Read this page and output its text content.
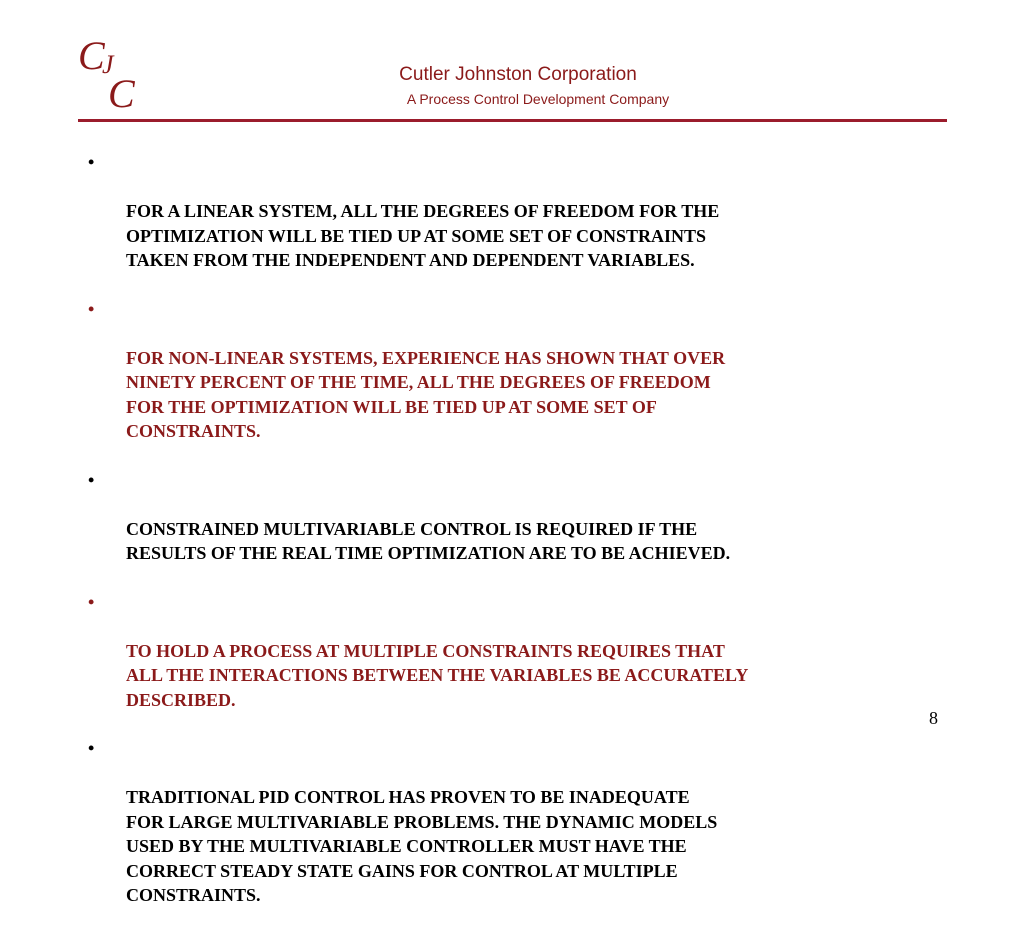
C
J
C	Cutler Johnston Corporation
A Process Control Development Company

•

FOR A LINEAR SYSTEM, ALL THE DEGREES OF FREEDOM FOR THE
OPTIMIZATION WILL BE TIED UP AT SOME SET OF CONSTRAINTS
TAKEN FROM THE INDEPENDENT AND DEPENDENT VARIABLES.

•

FOR NON-LINEAR SYSTEMS, EXPERIENCE HAS SHOWN THAT OVER
NINETY PERCENT OF THE TIME, ALL THE DEGREES OF FREEDOM
FOR THE OPTIMIZATION WILL BE TIED UP AT SOME SET OF
CONSTRAINTS.

•

CONSTRAINED MULTIVARIABLE CONTROL IS REQUIRED IF THE
RESULTS OF THE REAL TIME OPTIMIZATION ARE TO BE ACHIEVED.

•

TO HOLD A PROCESS AT MULTIPLE CONSTRAINTS REQUIRES THAT
ALL THE INTERACTIONS BETWEEN THE VARIABLES BE ACCURATELY
DESCRIBED.

•

TRADITIONAL PID CONTROL HAS PROVEN TO BE INADEQUATE
FOR LARGE MULTIVARIABLE PROBLEMS. THE DYNAMIC MODELS
USED BY THE MULTIVARIABLE CONTROLLER MUST HAVE THE
CORRECT STEADY STATE GAINS FOR CONTROL AT MULTIPLE
CONSTRAINTS.

8
